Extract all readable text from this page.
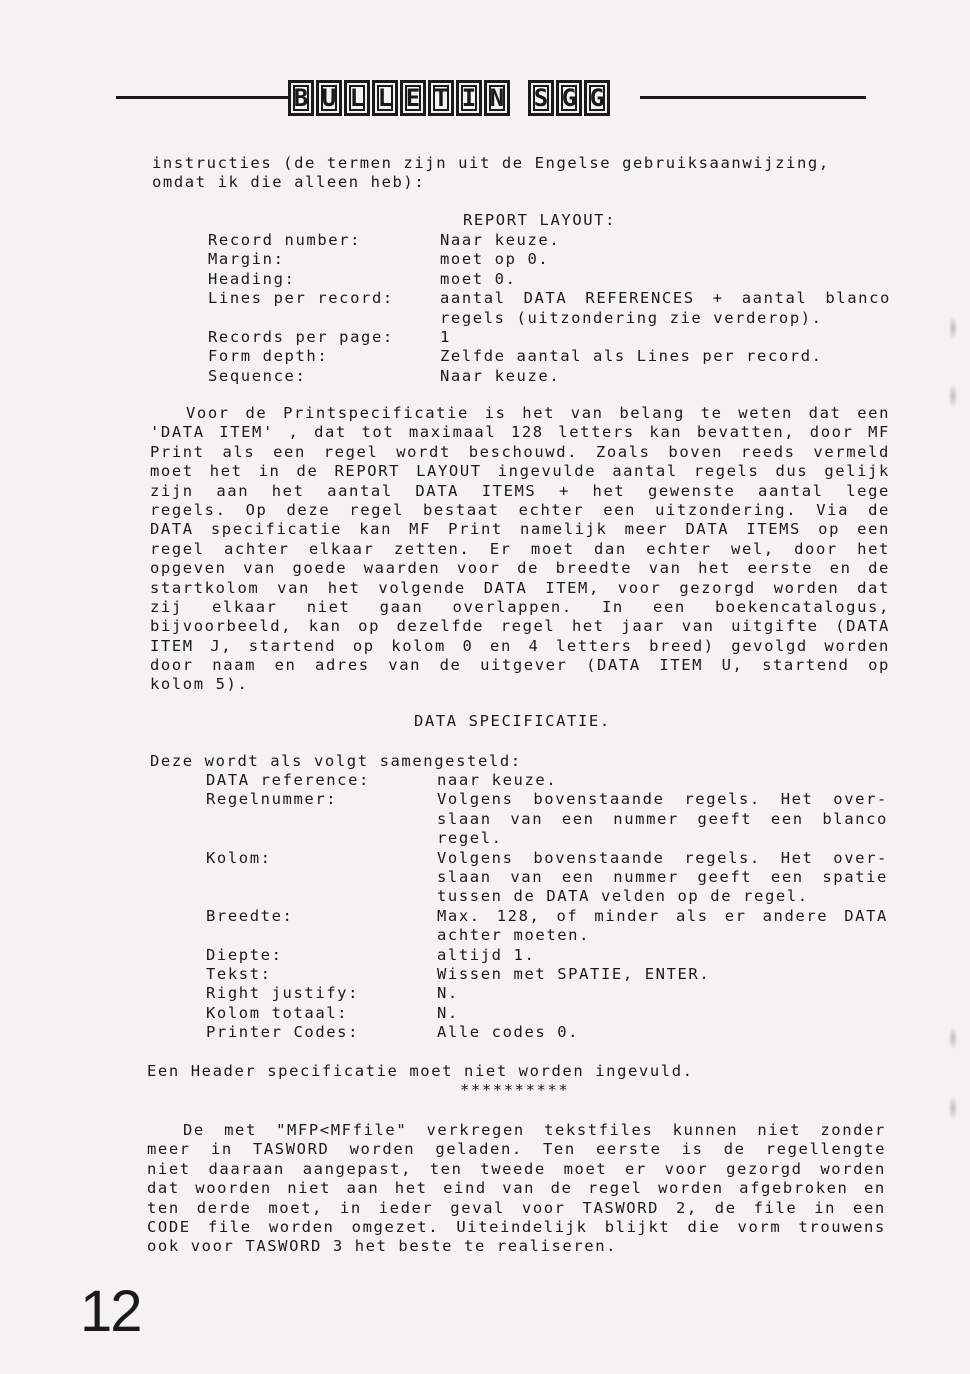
B U L L E T I N S G G
instructies (de termen zijn uit de Engelse gebruiksaanwijzing,
omdat ik die alleen heb):
REPORT LAYOUT:
Record number:	Naar keuze.
Margin:	moet op 0.
Heading:	moet 0.
Lines per record:	aantal DATA REFERENCES + aantal blanco
regels (uitzondering zie verderop).
Records per page:	1
Form depth:	Zelfde aantal als Lines per record.
Sequence:	Naar keuze.
Voor de Printspecificatie is het van belang te weten dat een
'DATA ITEM' , dat tot maximaal 128 letters kan bevatten, door MF
Print als een regel wordt beschouwd. Zoals boven reeds vermeld
moet het in de REPORT LAYOUT ingevulde aantal regels dus gelijk
zijn aan het aantal DATA ITEMS + het gewenste aantal lege
regels. Op deze regel bestaat echter een uitzondering. Via de
DATA specificatie kan MF Print namelijk meer DATA ITEMS op een
regel achter elkaar zetten. Er moet dan echter wel, door het
opgeven van goede waarden voor de breedte van het eerste en de
startkolom van het volgende DATA ITEM, voor gezorgd worden dat
zij elkaar niet gaan overlappen. In een boekencatalogus,
bijvoorbeeld, kan op dezelfde regel het jaar van uitgifte (DATA
ITEM J, startend op kolom 0 en 4 letters breed) gevolgd worden
door naam en adres van de uitgever (DATA ITEM U, startend op
kolom 5).
DATA SPECIFICATIE.
Deze wordt als volgt samengesteld:
DATA reference:	naar keuze.
Regelnummer:	Volgens bovenstaande regels. Het over-
slaan van een nummer geeft een blanco
regel.
Kolom:	Volgens bovenstaande regels. Het over-
slaan van een nummer geeft een spatie
tussen de DATA velden op de regel.
Breedte:	Max. 128, of minder als er andere DATA
achter moeten.
Diepte:	altijd 1.
Tekst:	Wissen met SPATIE, ENTER.
Right justify:	N.
Kolom totaal:	N.
Printer Codes:	Alle codes 0.
Een Header specificatie moet niet worden ingevuld.
**********
De met "MFP<MFfile" verkregen tekstfiles kunnen niet zonder
meer in TASWORD worden geladen. Ten eerste is de regellengte
niet daaraan aangepast, ten tweede moet er voor gezorgd worden
dat woorden niet aan het eind van de regel worden afgebroken en
ten derde moet, in ieder geval voor TASWORD 2, de file in een
CODE file worden omgezet. Uiteindelijk blijkt die vorm trouwens
ook voor TASWORD 3 het beste te realiseren.
12
